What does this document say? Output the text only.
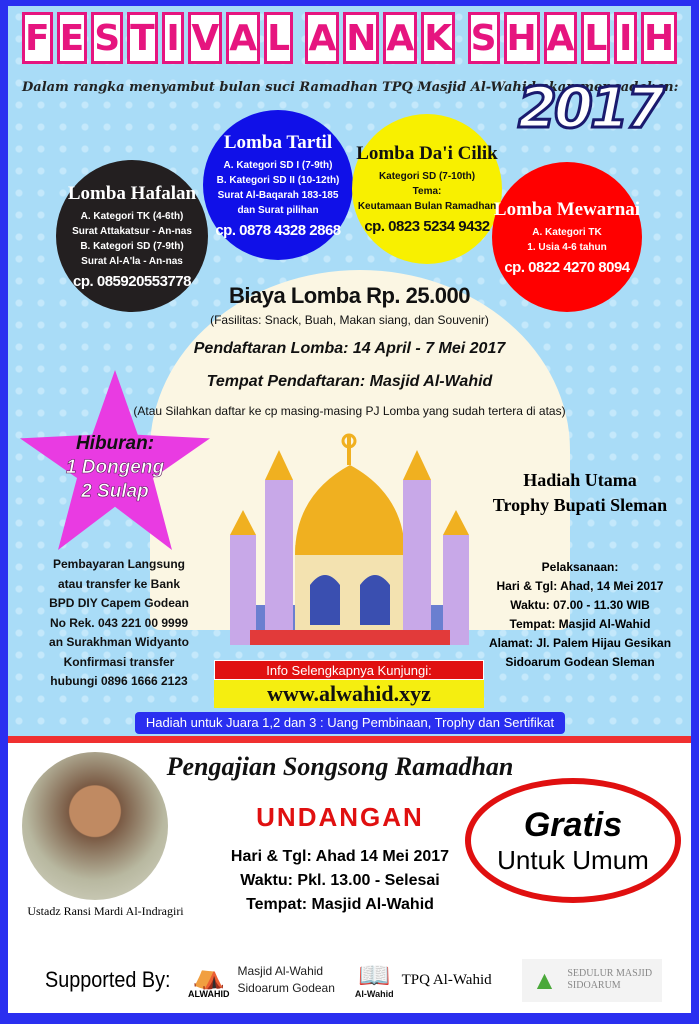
F E S T I V A L A N A K S H A L I H
Dalam rangka menyambut bulan suci Ramadhan TPQ Masjid Al-Wahid akan mengadakan:
2017
Lomba Hafalan

A. Kategori TK (4-6th)
Surat Attakatsur - An-nas
B. Kategori SD (7-9th)
Surat Al-A'la - An-nas

cp. 085920553778
Lomba Tartil

A. Kategori SD I (7-9th)
B. Kategori SD II (10-12th)
Surat Al-Baqarah 183-185
dan Surat pilihan

cp. 0878 4328 2868
Lomba Da'i Cilik

Kategori SD (7-10th)
Tema:
Keutamaan Bulan Ramadhan

cp. 0823 5234 9432
Lomba Mewarnai

A. Kategori TK
1. Usia 4-6 tahun

cp. 0822 4270 8094
Biaya Lomba Rp. 25.000
(Fasilitas: Snack, Buah, Makan siang, dan Souvenir)
Pendaftaran Lomba: 14 April - 7 Mei 2017
Tempat Pendaftaran: Masjid Al-Wahid
(Atau Silahkan daftar ke cp masing-masing PJ Lomba yang sudah tertera di atas)
Hiburan:
1 Dongeng
2 Sulap
Pembayaran Langsung
atau transfer ke Bank
BPD DIY Capem Godean
No Rek. 043 221 00 9999
an Surakhman Widyanto
Konfirmasi transfer
hubungi 0896 1666 2123
Hadiah Utama
Trophy Bupati Sleman
Pelaksanaan:
Hari & Tgl: Ahad, 14 Mei 2017
Waktu: 07.00 - 11.30 WIB
Tempat: Masjid Al-Wahid
Alamat: Jl. Palem Hijau Gesikan
Sidoarum Godean Sleman
Info Selengkapnya Kunjungi:
www.alwahid.xyz
Hadiah untuk Juara 1,2 dan 3 : Uang Pembinaan, Trophy dan Sertifikat
Ustadz Ransi Mardi Al-Indragiri
Pengajian Songsong Ramadhan
UNDANGAN
Hari & Tgl: Ahad 14 Mei 2017
Waktu: Pkl. 13.00 - Selesai
Tempat: Masjid Al-Wahid
Gratis
Untuk Umum
Supported By: ⛺
ALWAHID
Masjid Al-Wahid
Sidoarum Godean 📖
Al-Wahid
TPQ Al-Wahid ▲ SEDULUR MASJID
SIDOARUM
